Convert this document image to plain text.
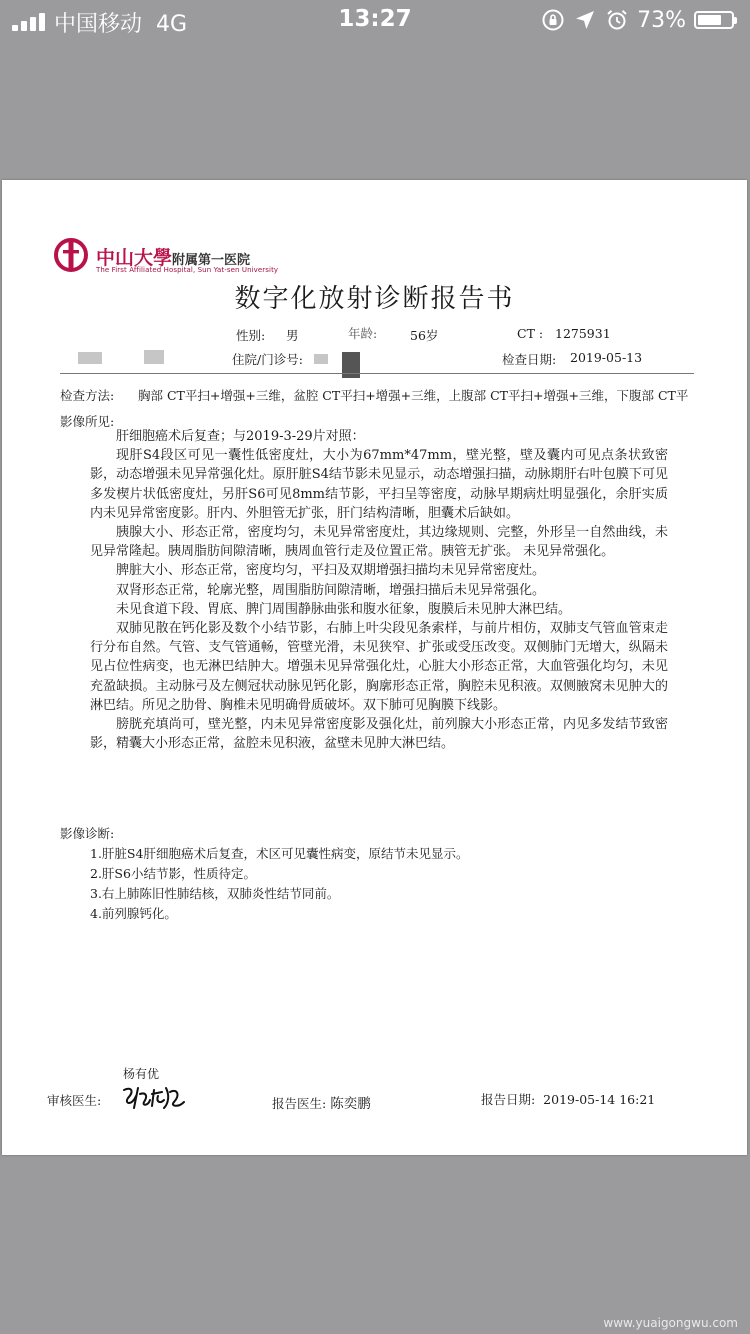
中国移动 4G	13:27	73%
中山大學附属第一医院
The First Affiliated Hospital, Sun Yat-sen University
数字化放射诊断报告书
性别: 男	年龄:	56岁	CT : 1275931
住院/门诊号:	检查日期: 2019-05-13
检查方法: 胸部 CT平扫+增强+三维，盆腔 CT平扫+增强+三维，上腹部 CT平扫+增强+三维，下腹部 CT平
影像所见:

肝细胞癌术后复查；与2019-3-29片对照：

现肝S4段区可见一囊性低密度灶，大小为67mm*47mm，壁光整，壁及囊内可见点条状致密影，动态增强未见异常强化灶。原肝脏S4结节影未见显示，动态增强扫描，动脉期肝右叶包膜下可见多发楔片状低密度灶，另肝S6可见8mm结节影，平扫呈等密度，动脉早期病灶明显强化，余肝实质内未见异常密度影。肝内、外胆管无扩张，肝门结构清晰，胆囊术后缺如。

胰腺大小、形态正常，密度均匀，未见异常密度灶，其边缘规则、完整，外形呈一自然曲线，未见异常隆起。胰周脂肪间隙清晰，胰周血管行走及位置正常。胰管无扩张。 未见异常强化。

脾脏大小、形态正常，密度均匀，平扫及双期增强扫描均未见异常密度灶。

双肾形态正常，轮廓光整，周围脂肪间隙清晰，增强扫描后未见异常强化。

未见食道下段、胃底、脾门周围静脉曲张和腹水征象，腹膜后未见肿大淋巴结。

双肺见散在钙化影及数个小结节影，右肺上叶尖段见条索样，与前片相仿，双肺支气管血管束走行分布自然。气管、支气管通畅，管壁光滑，未见狭窄、扩张或受压改变。双侧肺门无增大，纵隔未见占位性病变，也无淋巴结肿大。增强未见异常强化灶，心脏大小形态正常，大血管强化均匀，未见充盈缺损。主动脉弓及左侧冠状动脉见钙化影，胸廓形态正常，胸腔未见积液。双侧腋窝未见肿大的淋巴结。所见之肋骨、胸椎未见明确骨质破坏。双下肺可见胸膜下线影。

膀胱充填尚可，壁光整，内未见异常密度影及强化灶，前列腺大小形态正常，内见多发结节致密影，精囊大小形态正常，盆腔未见积液，盆壁未见肿大淋巴结。

影像诊断:
1.肝脏S4肝细胞癌术后复查，术区可见囊性病变，原结节未见显示。
2.肝S6小结节影，性质待定。
3.右上肺陈旧性肺结核，双肺炎性结节同前。
4.前列腺钙化。
杨有优
审核医生:	报告医生: 陈奕鹏	报告日期: 2019-05-14 16:21
www.yuaigongwu.com
